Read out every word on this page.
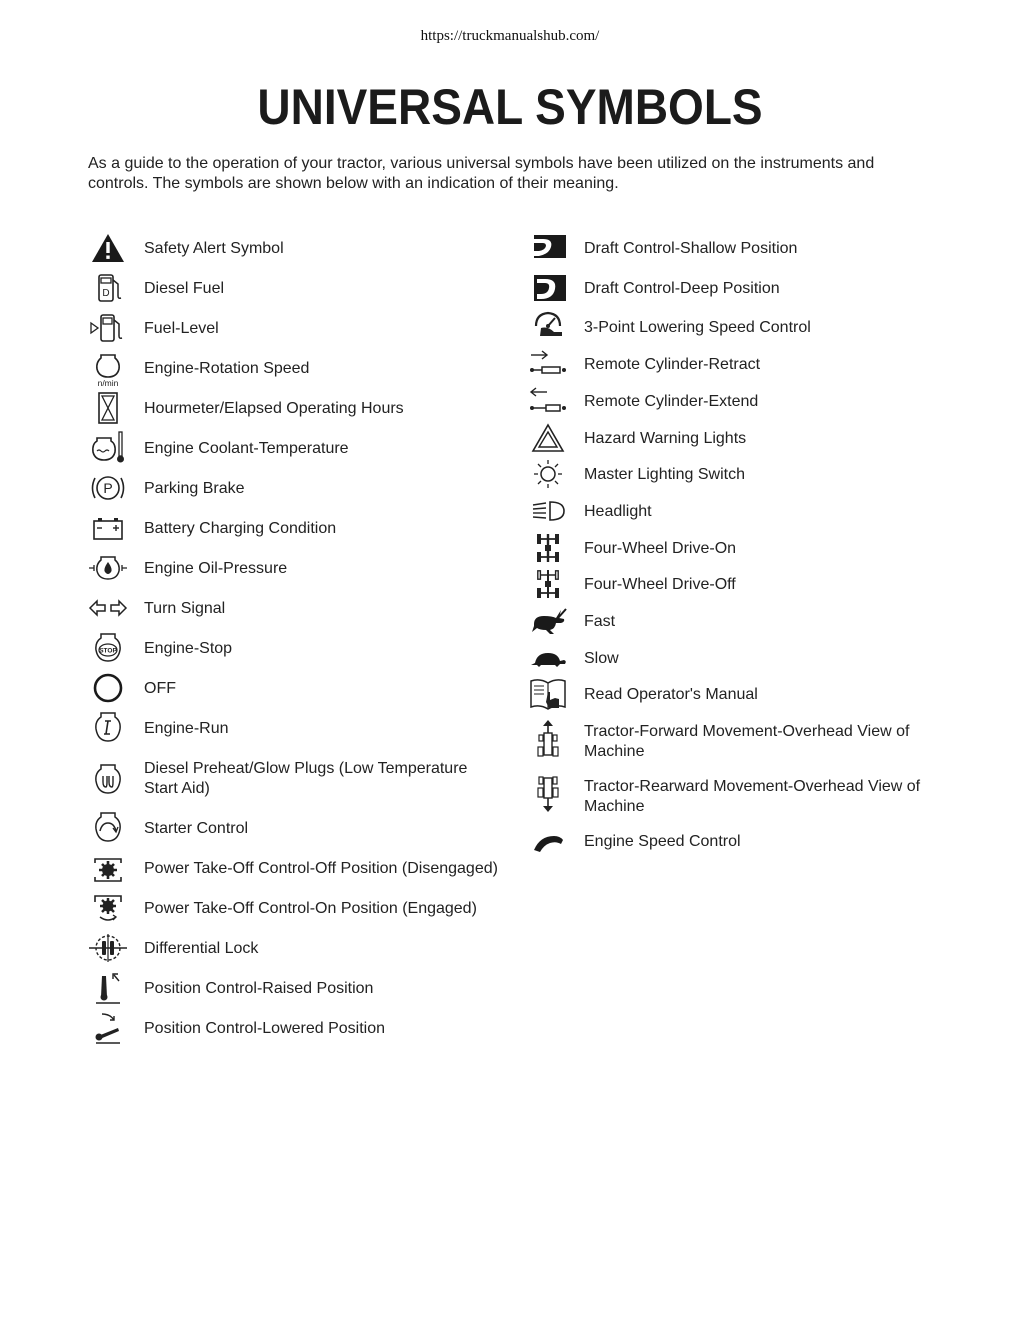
https://truckmanualshub.com/
UNIVERSAL SYMBOLS
As a guide to the operation of your tractor, various universal symbols have been utilized on the instruments and controls. The symbols are shown below with an indication of their meaning.
Safety Alert Symbol
D Diesel Fuel
Fuel-Level
n/min
Engine-Rotation Speed
Hourmeter/Elapsed Operating Hours
Engine Coolant-Temperature
P Parking Brake
Battery Charging Condition
Engine Oil-Pressure
Turn Signal
STOP Engine-Stop
OFF
Engine-Run
Diesel Preheat/Glow Plugs (Low Temperature Start Aid)
Starter Control
Power Take-Off Control-Off Position (Disengaged)
Power Take-Off Control-On Position (Engaged)
Differential Lock
Position Control-Raised Position
Position Control-Lowered Position
Draft Control-Shallow Position
Draft Control-Deep Position
3-Point Lowering Speed Control
Remote Cylinder-Retract
Remote Cylinder-Extend
Hazard Warning Lights
Master Lighting Switch
Headlight
Four-Wheel Drive-On
Four-Wheel Drive-Off
Fast
Slow
Read Operator's Manual
Tractor-Forward Movement-Overhead View of Machine
Tractor-Rearward Movement-Overhead View of Machine
Engine Speed Control
